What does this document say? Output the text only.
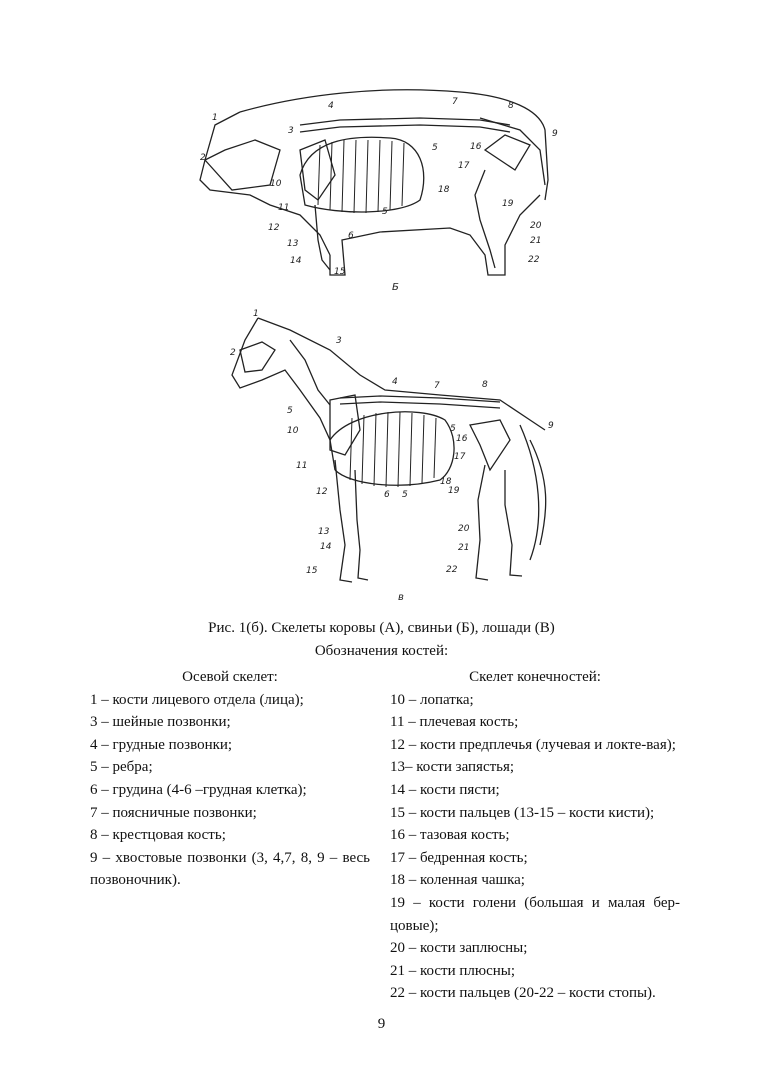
1
2
3
4	7	8
9
5	16
17
18
10
11	5
12
6
13
14
15
19
20
21
22
1
2
3
4	7	8
9
5
10
11
12	6 5
16
5
17
18
19
13
14
15
20
21
22
Б
в
Рис. 1(б). Скелеты коровы (А), свиньи (Б), лошади (В)
Обозначения костей:
Осевой скелет:
1 – кости лицевого отдела (лица);
3 – шейные позвонки;
4 – грудные позвонки;
5 – ребра;
6 – грудина (4-6 –грудная клетка);
7 – поясничные позвонки;
8 – крестцовая кость;
9 – хвостовые позвонки (3, 4,7, 8, 9 – весь позвоночник).
Скелет конечностей:
10 – лопатка;
11 – плечевая кость;
12 – кости предплечья (лучевая и локте-вая);
13– кости запястья;
14 – кости пясти;
15 – кости пальцев (13-15 – кости кисти);
16 – тазовая кость;
17 – бедренная кость;
18 – коленная чашка;
19 – кости голени (большая и малая бер-цовые);
20 – кости заплюсны;
21 – кости плюсны;
22 – кости пальцев (20-22 – кости стопы).
9
